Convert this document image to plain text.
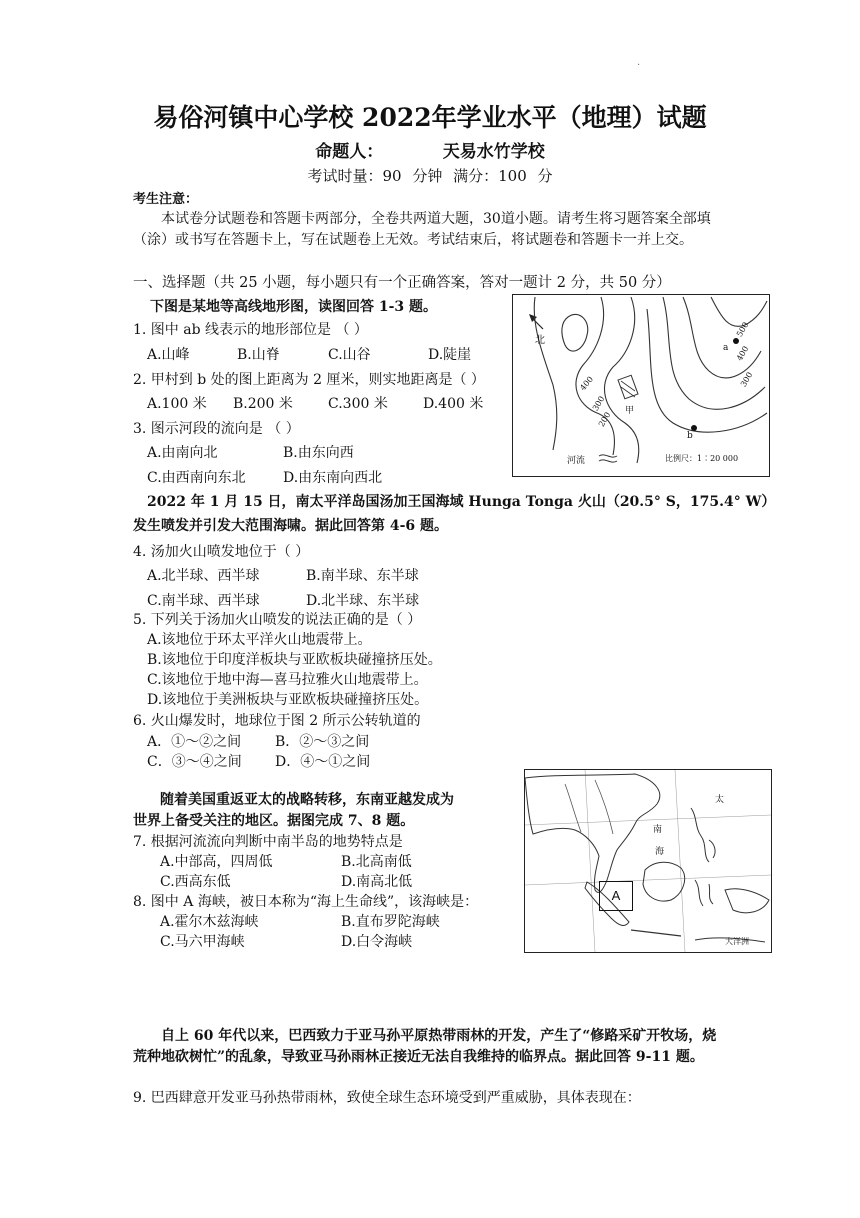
·
易俗河镇中心学校 2022年学业水平（地理）试题
命题人：	天易水竹学校
考试时量：90 分钟 满分：100 分
考生注意：
本试卷分试题卷和答题卡两部分，全卷共两道大题，30道小题。请考生将习题答案全部填（涂）或书写在答题卡上，写在试题卷上无效。考试结束后，将试题卷和答题卡一并上交。
一、选择题（共 25 小题，每小题只有一个正确答案，答对一题计 2 分，共 50 分）
下图是某地等高线地形图，读图回答 1-3 题。
1. 图中 ab 线表示的地形部位是 （ ）
A.山峰	B.山脊	C.山谷	D.陡崖
2. 甲村到 b 处的图上距离为 2 厘米，则实地距离是（ ）
A.100 米 B.200 米	C.300 米	D.400 米
3. 图示河段的流向是 （ ）
A.由南向北	B.由东向西
C.由西南向东北	D.由东南向西北
北
500
400
300
400
300
200
a
b
甲
河流	比例尺：1∶20 000
2022 年 1 月 15 日，南太平洋岛国汤加王国海域 Hunga Tonga 火山（20.5° S，175.4° W）
发生喷发并引发大范围海啸。据此回答第 4-6 题。
4. 汤加火山喷发地位于（ ）
A.北半球、西半球	B.南半球、东半球
C.南半球、西半球	D.北半球、东半球
5. 下列关于汤加火山喷发的说法正确的是（ ）
A.该地位于环太平洋火山地震带上。
B.该地位于印度洋板块与亚欧板块碰撞挤压处。
C.该地位于地中海—喜马拉雅火山地震带上。
D.该地位于美洲板块与亚欧板块碰撞挤压处。
6. 火山爆发时，地球位于图 2 所示公转轨道的
A．①～②之间 B．②～③之间
C．③～④之间 D．④～①之间
随着美国重返亚太的战略转移，东南亚越发成为
世界上备受关注的地区。据图完成 7、8 题。
7. 根据河流流向判断中南半岛的地势特点是
A.中部高，四周低	B.北高南低
C.西高东低	D.南高北低
8. 图中 A 海峡，被日本称为“海上生命线”，该海峡是：
A.霍尔木兹海峡	B.直布罗陀海峡
C.马六甲海峡	D.白令海峡
A
南
海
太
大洋洲
自上 60 年代以来，巴西致力于亚马孙平原热带雨林的开发，产生了“修路采矿开牧场，烧荒种地砍树忙”的乱象，导致亚马孙雨林正接近无法自我维持的临界点。据此回答 9-11 题。
9. 巴西肆意开发亚马孙热带雨林，致使全球生态环境受到严重威胁，具体表现在：
